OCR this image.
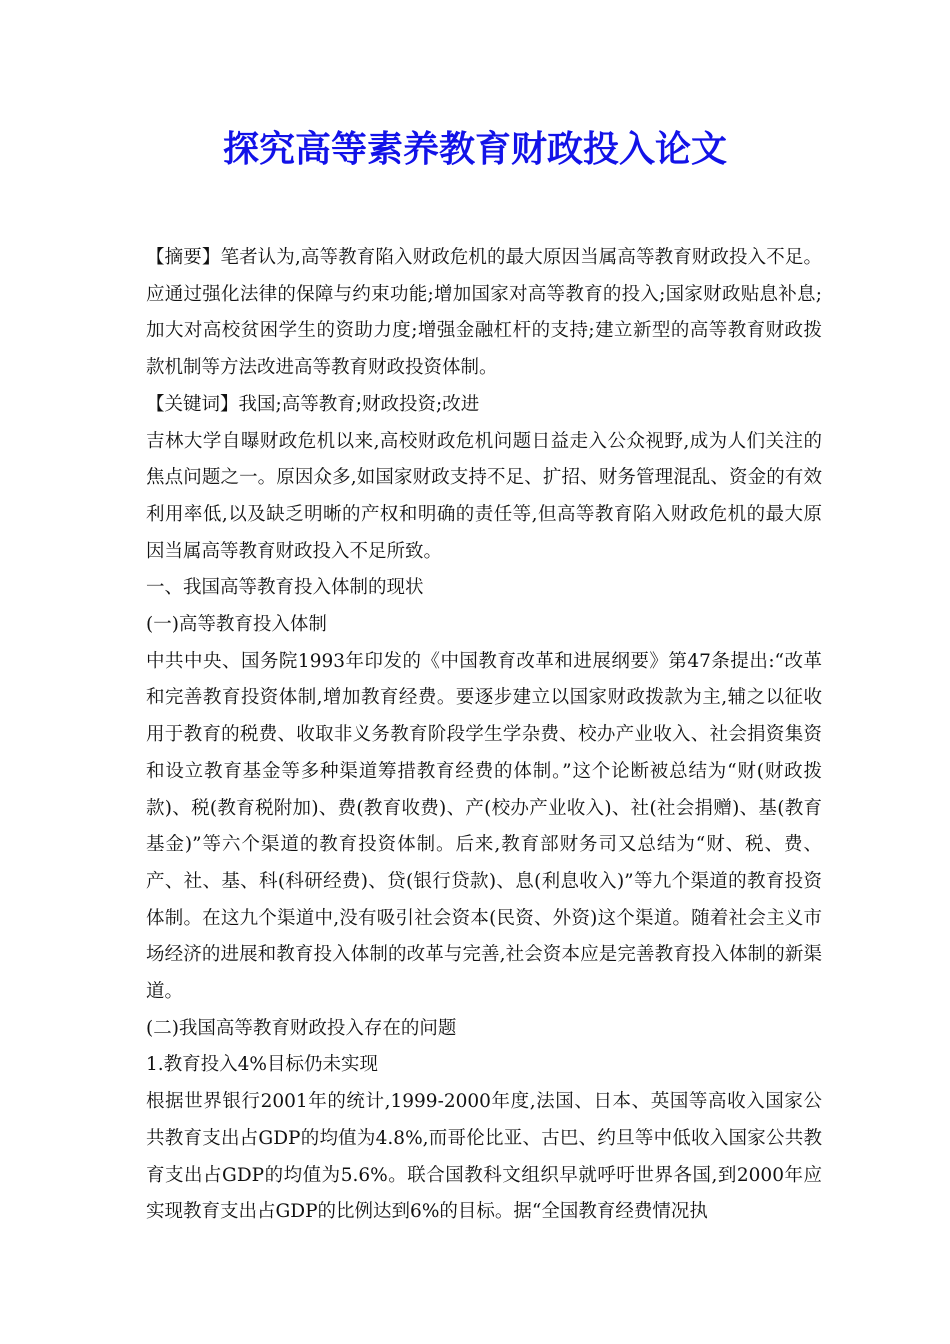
探究高等素养教育财政投入论文

【摘要】笔者认为,高等教育陷入财政危机的最大原因当属高等教育财政投入不足。应通过强化法律的保障与约束功能;增加国家对高等教育的投入;国家财政贴息补息;加大对高校贫困学生的资助力度;增强金融杠杆的支持;建立新型的高等教育财政拨款机制等方法改进高等教育财政投资体制。

【关键词】我国;高等教育;财政投资;改进

吉林大学自曝财政危机以来,高校财政危机问题日益走入公众视野,成为人们关注的焦点问题之一。原因众多,如国家财政支持不足、扩招、财务管理混乱、资金的有效利用率低,以及缺乏明晰的产权和明确的责任等,但高等教育陷入财政危机的最大原因当属高等教育财政投入不足所致。

一、我国高等教育投入体制的现状

(一)高等教育投入体制

中共中央、国务院1993年印发的《中国教育改革和进展纲要》第47条提出:“改革和完善教育投资体制,增加教育经费。要逐步建立以国家财政拨款为主,辅之以征收用于教育的税费、收取非义务教育阶段学生学杂费、校办产业收入、社会捐资集资和设立教育基金等多种渠道筹措教育经费的体制。”这个论断被总结为“财(财政拨款)、税(教育税附加)、费(教育收费)、产(校办产业收入)、社(社会捐赠)、基(教育基金)”等六个渠道的教育投资体制。后来,教育部财务司又总结为“财、税、费、产、社、基、科(科研经费)、贷(银行贷款)、息(利息收入)”等九个渠道的教育投资体制。在这九个渠道中,没有吸引社会资本(民资、外资)这个渠道。随着社会主义市场经济的进展和教育投入体制的改革与完善,社会资本应是完善教育投入体制的新渠道。

(二)我国高等教育财政投入存在的问题

1.教育投入4%目标仍未实现

根据世界银行2001年的统计,1999-2000年度,法国、日本、英国等高收入国家公共教育支出占GDP的均值为4.8%,而哥伦比亚、古巴、约旦等中低收入国家公共教育支出占GDP的均值为5.6%。联合国教科文组织早就呼吁世界各国,到2000年应实现教育支出占GDP的比例达到6%的目标。据“全国教育经费情况执
